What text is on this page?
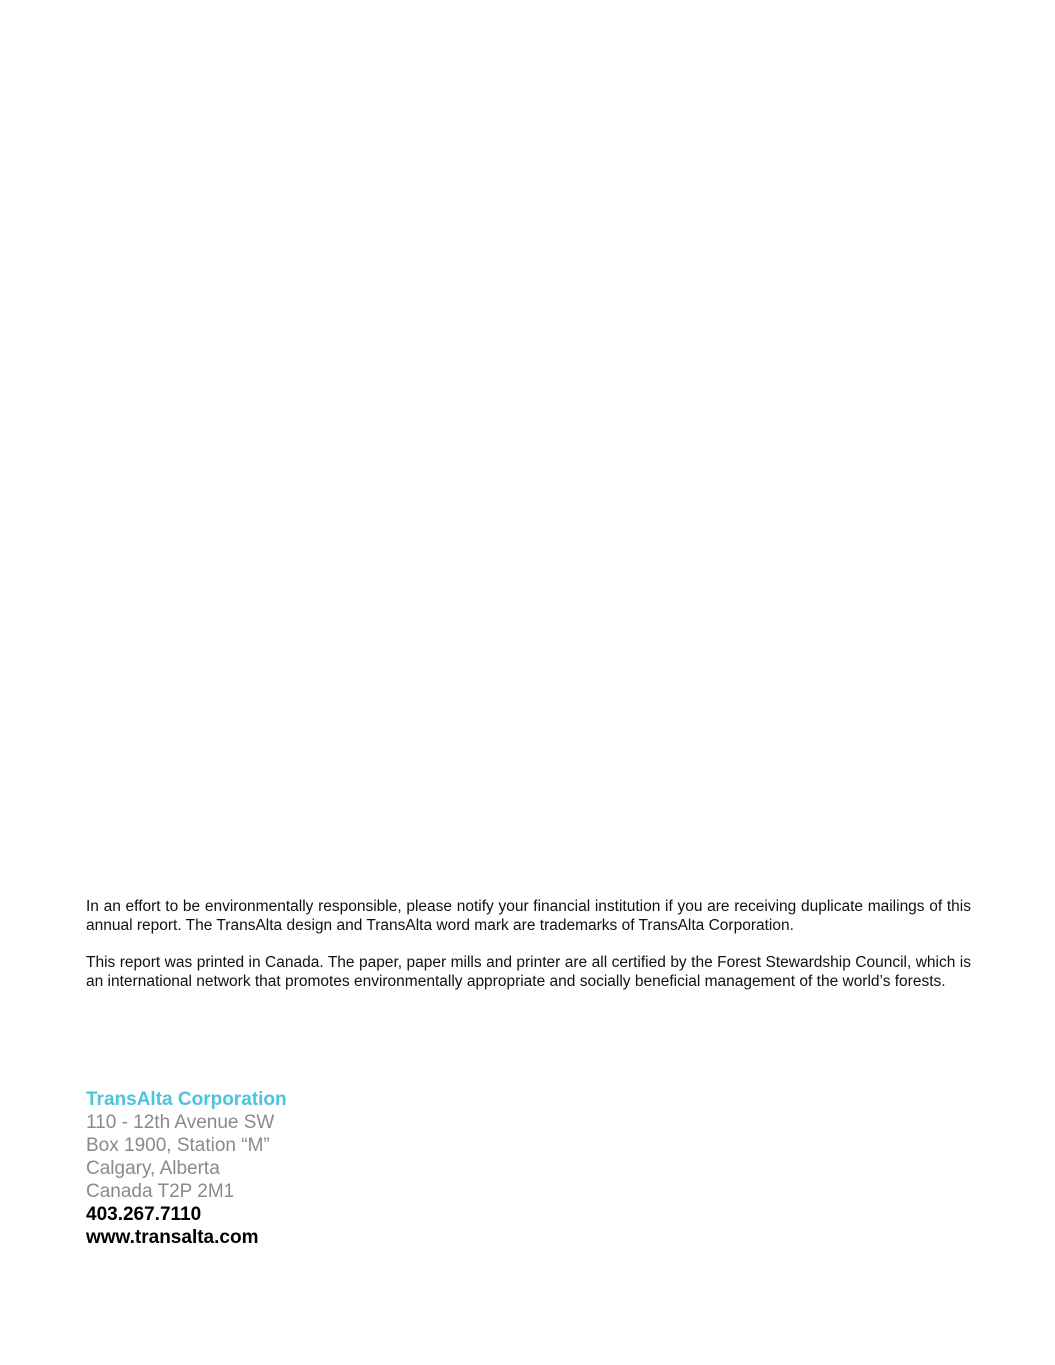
In an effort to be environmentally responsible, please notify your financial institution if you are receiving duplicate mailings of this annual report. The TransAlta design and TransAlta word mark are trademarks of TransAlta Corporation.

This report was printed in Canada. The paper, paper mills and printer are all certified by the Forest Stewardship Council, which is an international network that promotes environmentally appropriate and socially beneficial management of the world’s forests.

TransAlta Corporation
110 - 12th Avenue SW
Box 1900, Station “M”
Calgary, Alberta
Canada T2P 2M1
403.267.7110
www.transalta.com
